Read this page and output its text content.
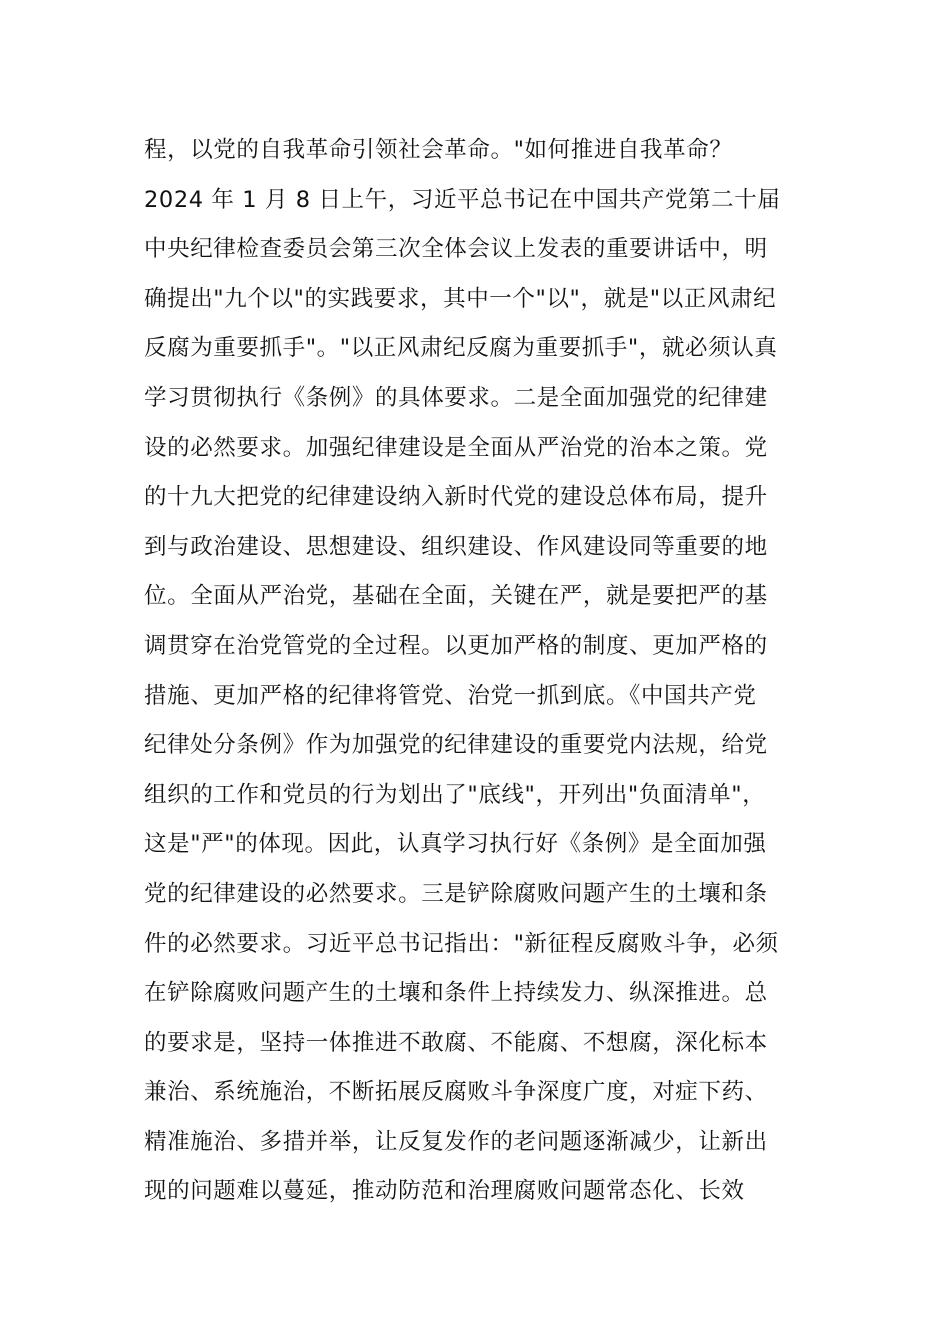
程，以党的自我革命引领社会革命。"如何推进自我革命？
2024 年 1 月 8 日上午，习近平总书记在中国共产党第二十届
中央纪律检查委员会第三次全体会议上发表的重要讲话中，明
确提出"九个以"的实践要求，其中一个"以"，就是"以正风肃纪
反腐为重要抓手"。"以正风肃纪反腐为重要抓手"，就必须认真
学习贯彻执行《条例》的具体要求。二是全面加强党的纪律建
设的必然要求。加强纪律建设是全面从严治党的治本之策。党
的十九大把党的纪律建设纳入新时代党的建设总体布局，提升
到与政治建设、思想建设、组织建设、作风建设同等重要的地
位。全面从严治党，基础在全面，关键在严，就是要把严的基
调贯穿在治党管党的全过程。以更加严格的制度、更加严格的
措施、更加严格的纪律将管党、治党一抓到底。《中国共产党
纪律处分条例》作为加强党的纪律建设的重要党内法规，给党
组织的工作和党员的行为划出了"底线"，开列出"负面清单"，
这是"严"的体现。因此，认真学习执行好《条例》是全面加强
党的纪律建设的必然要求。三是铲除腐败问题产生的土壤和条
件的必然要求。习近平总书记指出："新征程反腐败斗争，必须
在铲除腐败问题产生的土壤和条件上持续发力、纵深推进。总
的要求是，坚持一体推进不敢腐、不能腐、不想腐，深化标本
兼治、系统施治，不断拓展反腐败斗争深度广度，对症下药、
精准施治、多措并举，让反复发作的老问题逐渐减少，让新出
现的问题难以蔓延，推动防范和治理腐败问题常态化、长效
